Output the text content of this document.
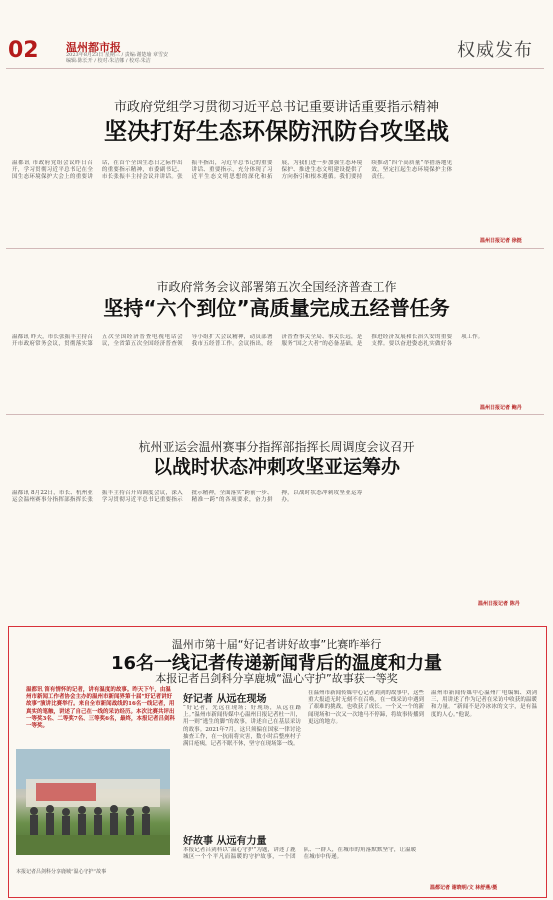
02 温州都市报
2023年8月23日 星期三 / 责编:谢楚瑜 章雪安
编辑:陈长开 / 校对:朱洁娜 / 校对:朱洁	权威发布
市政府党组学习贯彻习近平总书记重要讲话重要指示精神
坚决打好生态环保防汛防台攻坚战
温都讯 市政府党组会议昨日召开，学习贯彻习近平总书记在全国生态环境保护大会上的重要讲话，在首个全国生态日之际作出的重要指示精神，市委副书记、市长张振丰主持会议并讲话。张振丰指出，习近平总书记的重要讲话、重要指示，充分体现了习近平生态文明思想的深化和拓展，为我们进一步加强生态环境保护、推进生态文明建设提供了方向指引和根本遵循。我们要持续推动“四个高质量”举措落地见效，坚定扛起生态环境保护主体责任。
温州日报记者 徐挺
市政府常务会议部署第五次全国经济普查工作
坚持“六个到位”高质量完成五经普任务
温都讯 昨天，市长张振丰主持召开市政府常务会议，贯彻落实第五次全国经济普查电视电话会议，全省第五次全国经济普查领导小组扩大会议精神，动员部署我市五经普工作。会议指出，经济普查事关全局、事关长远，是服务“国之大者”的必备基础，是推进经济发展和长治久安的重要支撑。要以奋进姿态扎实做好各项工作。
温州日报记者 鲍丹
杭州亚运会温州赛事分指挥部指挥长周调度会议召开
以战时状态冲刺攻坚亚运筹办
温都讯 8月22日，市长、杭州亚运会温州赛事分指挥部指挥长张振丰主持召开周调度会议，深入学习贯彻习近平总书记重要指示批示精神，全面落实“跨前一步、精准一跨”的各项要求，奋力拼搏，以战时状态冲刺攻坚亚运筹办。
温州日报记者 陈丹
温州市第十届“好记者讲好故事”比赛昨举行
16名一线记者传递新闻背后的温度和力量
本报记者吕剑科分享鹿城“温心守护”故事获一等奖
温都讯 笛有情怀的记者，讲有温度的故事。昨天下午，由温州市新闻工作者协会主办的温州市新闻界第十届“好记者讲好故事”演讲比赛举行。来自全市新闻战线的16名一线记者，用真实的笔触，讲述了自己在一线的采访经历。本次比赛共评出一等奖3名、二等奖7名、三等奖6名，最终，本报记者吕剑科一等奖。
本报记者吕剑科分享鹿城“温心守护”故事
好记者 从远在现场
“好记者，先远在现场；好现场，从远在路上。”温州市新闻传媒中心温州日报记者杜一川，用一则“逃生的脚”的故事，讲述自己在基层采访的故事。2021年7月，这只须偏在国家一律讨论抽查工作，在一抗雨将灾害，数小时后整座村子满目疮痍，记者不眠不休，坚守在现场第一线。
在温州市新闻传媒中心记者刘剑的故事中，这些重大报道无时无刻不在召唤，在一线采访中遇到了艰难的挑战，也收获了成长。一个又一个的新闻现场和一次又一次地马不停蹄，将故事传播到更远的地方。
温州市新闻传媒中心温州广电编辑、刘剑三，用讲述了作为记者在采访中收获的温暖和力量。“新闻不是冷冰冰的文字，是有温度的人心。”他说。
好故事 从远有力量
本报记者吕剑科以“温心守护”为题，讲述了鹿城区一个个平凡而温暖的守护故事，一个团队、一群人，在城市的角落默默坚守，让温暖在城市中传递。
温都记者 谢晓明/文 林舒燕/摄
